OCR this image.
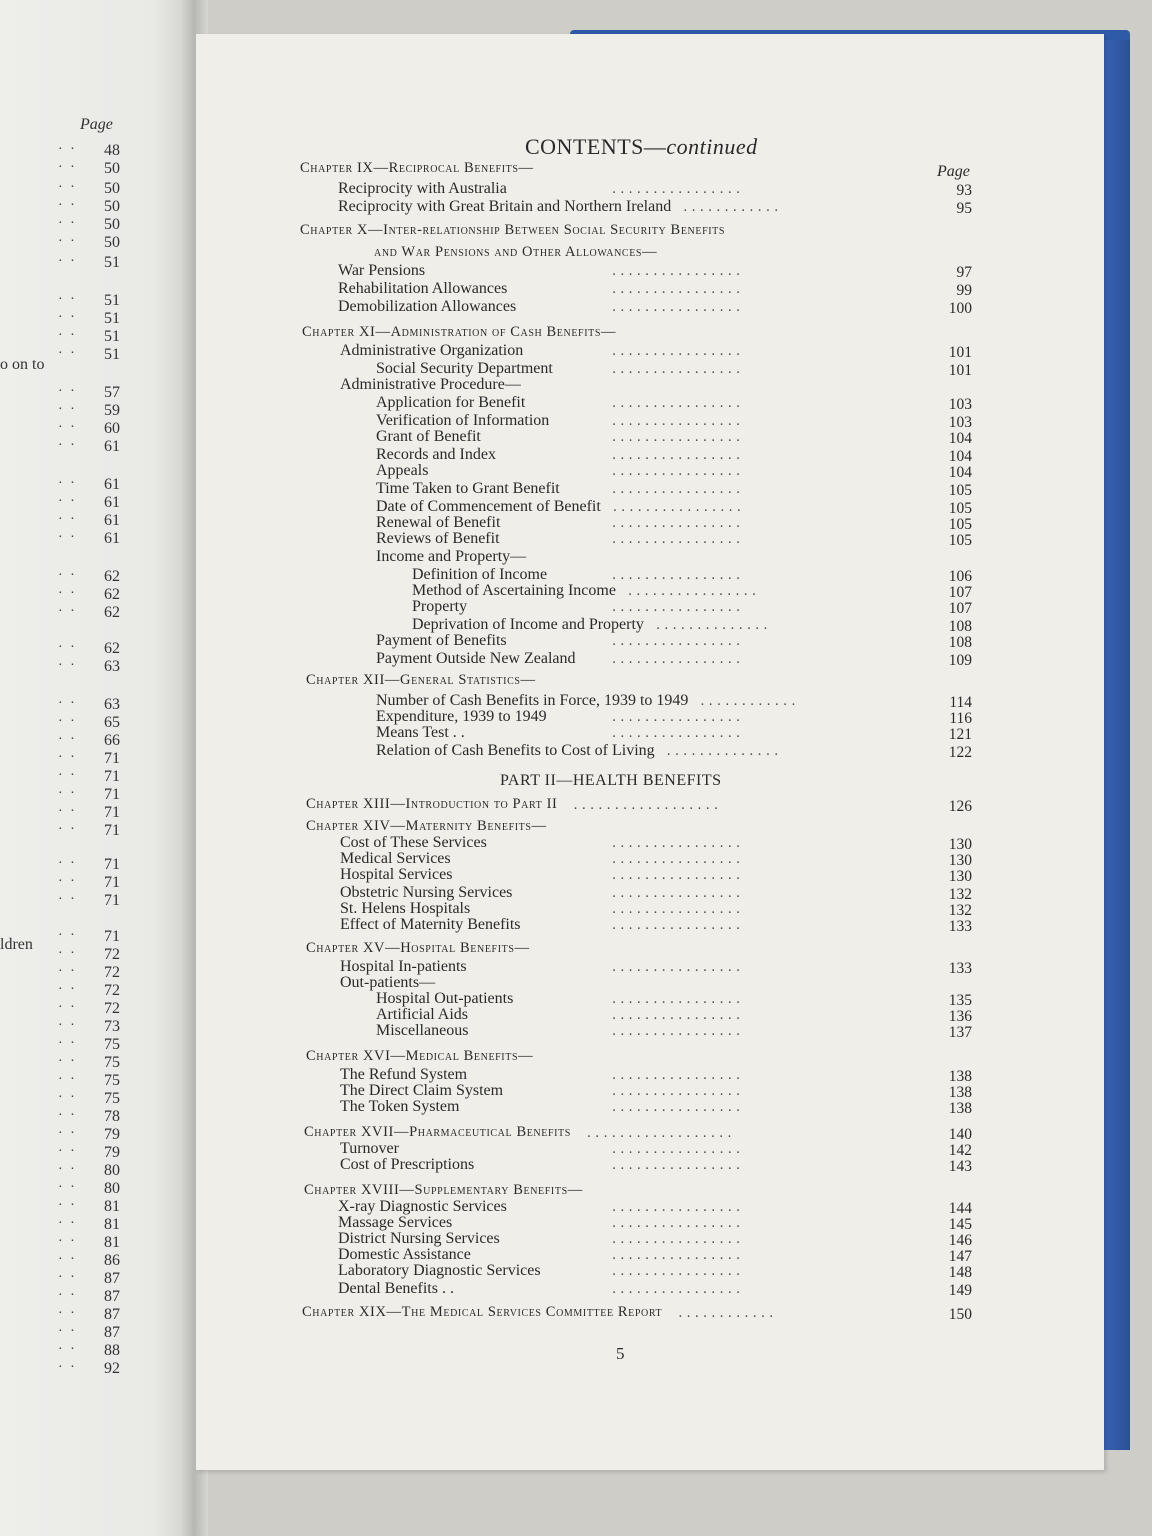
Page
· · 48
· · 50
· · 50
· · 50
· · 50
· · 50
· · 51
· · 51
· · 51
· · 51
· · 51
· · 57
· · 59
· · 60
· · 61
· · 61
· · 61
· · 61
· · 61
· · 62
· · 62
· · 62
· · 62
· · 63
· · 63
· · 65
· · 66
· · 71
· · 71
· · 71
· · 71
· · 71
· · 71
· · 71
· · 71
· · 71
· · 72
· · 72
· · 72
· · 72
· · 73
· · 75
· · 75
· · 75
· · 75
· · 78
· · 79
· · 79
· · 80
· · 80
· · 81
· · 81
· · 81
· · 86
· · 87
· · 87
· · 87
· · 87
· · 88
· · 92
o on to
ldren
CONTENTS—continued
Page
Chapter IX—Reciprocal Benefits—
Reciprocity with Australia	. . . . . . . . . . . . . . . .	93
Reciprocity with Great Britain and Northern Ireland . . . . . . . . . . . .	95
Chapter X—Inter-relationship Between Social Security Benefits
and War Pensions and Other Allowances—
War Pensions	. . . . . . . . . . . . . . . .	97
Rehabilitation Allowances	. . . . . . . . . . . . . . . .	99
Demobilization Allowances	. . . . . . . . . . . . . . . .	100
Chapter XI—Administration of Cash Benefits—
Administrative Organization	. . . . . . . . . . . . . . . .	101
Social Security Department	. . . . . . . . . . . . . . . .	101
Administrative Procedure—
Application for Benefit	. . . . . . . . . . . . . . . .	103
Verification of Information	. . . . . . . . . . . . . . . .	103
Grant of Benefit	. . . . . . . . . . . . . . . .	104
Records and Index	. . . . . . . . . . . . . . . .	104
Appeals	. . . . . . . . . . . . . . . .	104
Time Taken to Grant Benefit	. . . . . . . . . . . . . . . .	105
Date of Commencement of Benefit . . . . . . . . . . . . . . . .	105
Renewal of Benefit	. . . . . . . . . . . . . . . .	105
Reviews of Benefit	. . . . . . . . . . . . . . . .	105
Income and Property—
Definition of Income	. . . . . . . . . . . . . . . .	106
Method of Ascertaining Income . . . . . . . . . . . . . . . .	107
Property	. . . . . . . . . . . . . . . .	107
Deprivation of Income and Property . . . . . . . . . . . . . .	108
Payment of Benefits	. . . . . . . . . . . . . . . .	108
Payment Outside New Zealand	. . . . . . . . . . . . . . . .	109
Chapter XII—General Statistics—
Number of Cash Benefits in Force, 1939 to 1949 . . . . . . . . . . . .	114
Expenditure, 1939 to 1949	. . . . . . . . . . . . . . . .	116
Means Test . .	. . . . . . . . . . . . . . . .	121
Relation of Cash Benefits to Cost of Living . . . . . . . . . . . . . .	122
Chapter XIII—Introduction to Part II . . . . . . . . . . . . . . . . . .	126
Chapter XIV—Maternity Benefits—
Cost of These Services	. . . . . . . . . . . . . . . .	130
Medical Services	. . . . . . . . . . . . . . . .	130
Hospital Services	. . . . . . . . . . . . . . . .	130
Obstetric Nursing Services	. . . . . . . . . . . . . . . .	132
St. Helens Hospitals	. . . . . . . . . . . . . . . .	132
Effect of Maternity Benefits	. . . . . . . . . . . . . . . .	133
Chapter XV—Hospital Benefits—
Hospital In-patients	. . . . . . . . . . . . . . . .	133
Out-patients—
Hospital Out-patients	. . . . . . . . . . . . . . . .	135
Artificial Aids	. . . . . . . . . . . . . . . .	136
Miscellaneous	. . . . . . . . . . . . . . . .	137
Chapter XVI—Medical Benefits—
The Refund System	. . . . . . . . . . . . . . . .	138
The Direct Claim System	. . . . . . . . . . . . . . . .	138
The Token System	. . . . . . . . . . . . . . . .	138
Chapter XVII—Pharmaceutical Benefits . . . . . . . . . . . . . . . . . .	140
Turnover	. . . . . . . . . . . . . . . .	142
Cost of Prescriptions	. . . . . . . . . . . . . . . .	143
Chapter XVIII—Supplementary Benefits—
X-ray Diagnostic Services	. . . . . . . . . . . . . . . .	144
Massage Services	. . . . . . . . . . . . . . . .	145
District Nursing Services	. . . . . . . . . . . . . . . .	146
Domestic Assistance	. . . . . . . . . . . . . . . .	147
Laboratory Diagnostic Services	. . . . . . . . . . . . . . . .	148
Dental Benefits . .	. . . . . . . . . . . . . . . .	149
Chapter XIX—The Medical Services Committee Report . . . . . . . . . . . .	150
PART II—HEALTH BENEFITS
5
